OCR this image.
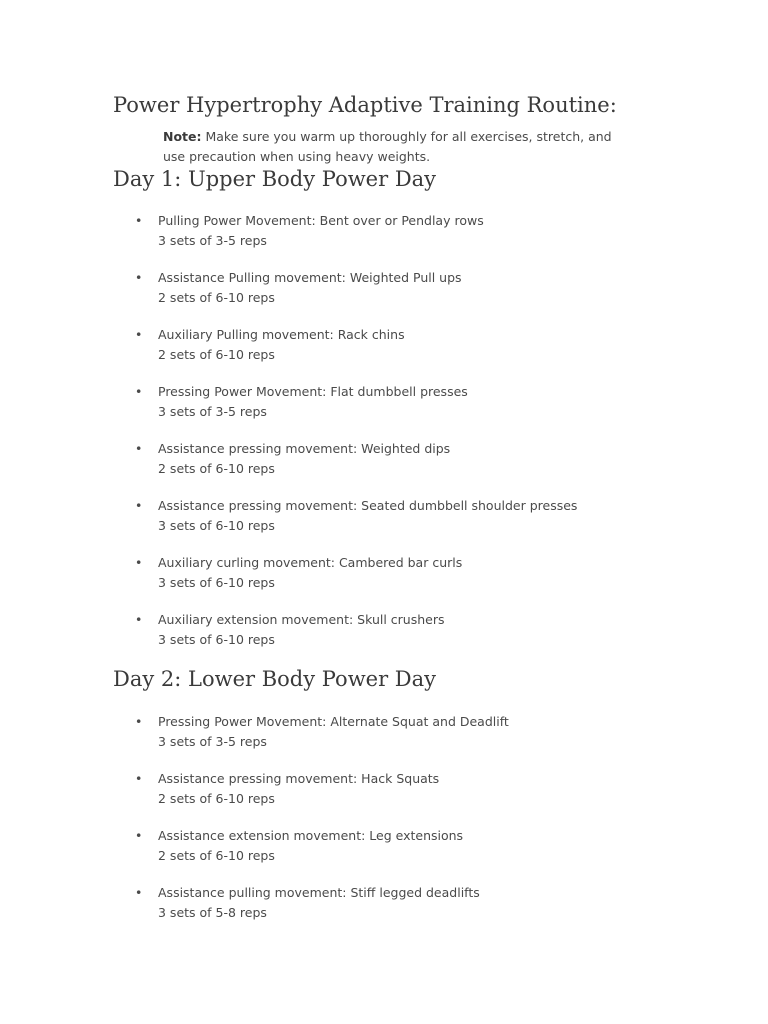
Power Hypertrophy Adaptive Training Routine:

Note: Make sure you warm up thoroughly for all exercises, stretch, and use precaution when using heavy weights.

Day 1: Upper Body Power Day
• Pulling Power Movement: Bent over or Pendlay rows
3 sets of 3-5 reps
• Assistance Pulling movement: Weighted Pull ups
2 sets of 6-10 reps
• Auxiliary Pulling movement: Rack chins
2 sets of 6-10 reps
• Pressing Power Movement: Flat dumbbell presses
3 sets of 3-5 reps
• Assistance pressing movement: Weighted dips
2 sets of 6-10 reps
• Assistance pressing movement: Seated dumbbell shoulder presses
3 sets of 6-10 reps
• Auxiliary curling movement: Cambered bar curls
3 sets of 6-10 reps
• Auxiliary extension movement: Skull crushers
3 sets of 6-10 reps
Day 2: Lower Body Power Day
• Pressing Power Movement: Alternate Squat and Deadlift
3 sets of 3-5 reps
• Assistance pressing movement: Hack Squats
2 sets of 6-10 reps
• Assistance extension movement: Leg extensions
2 sets of 6-10 reps
• Assistance pulling movement: Stiff legged deadlifts
3 sets of 5-8 reps
